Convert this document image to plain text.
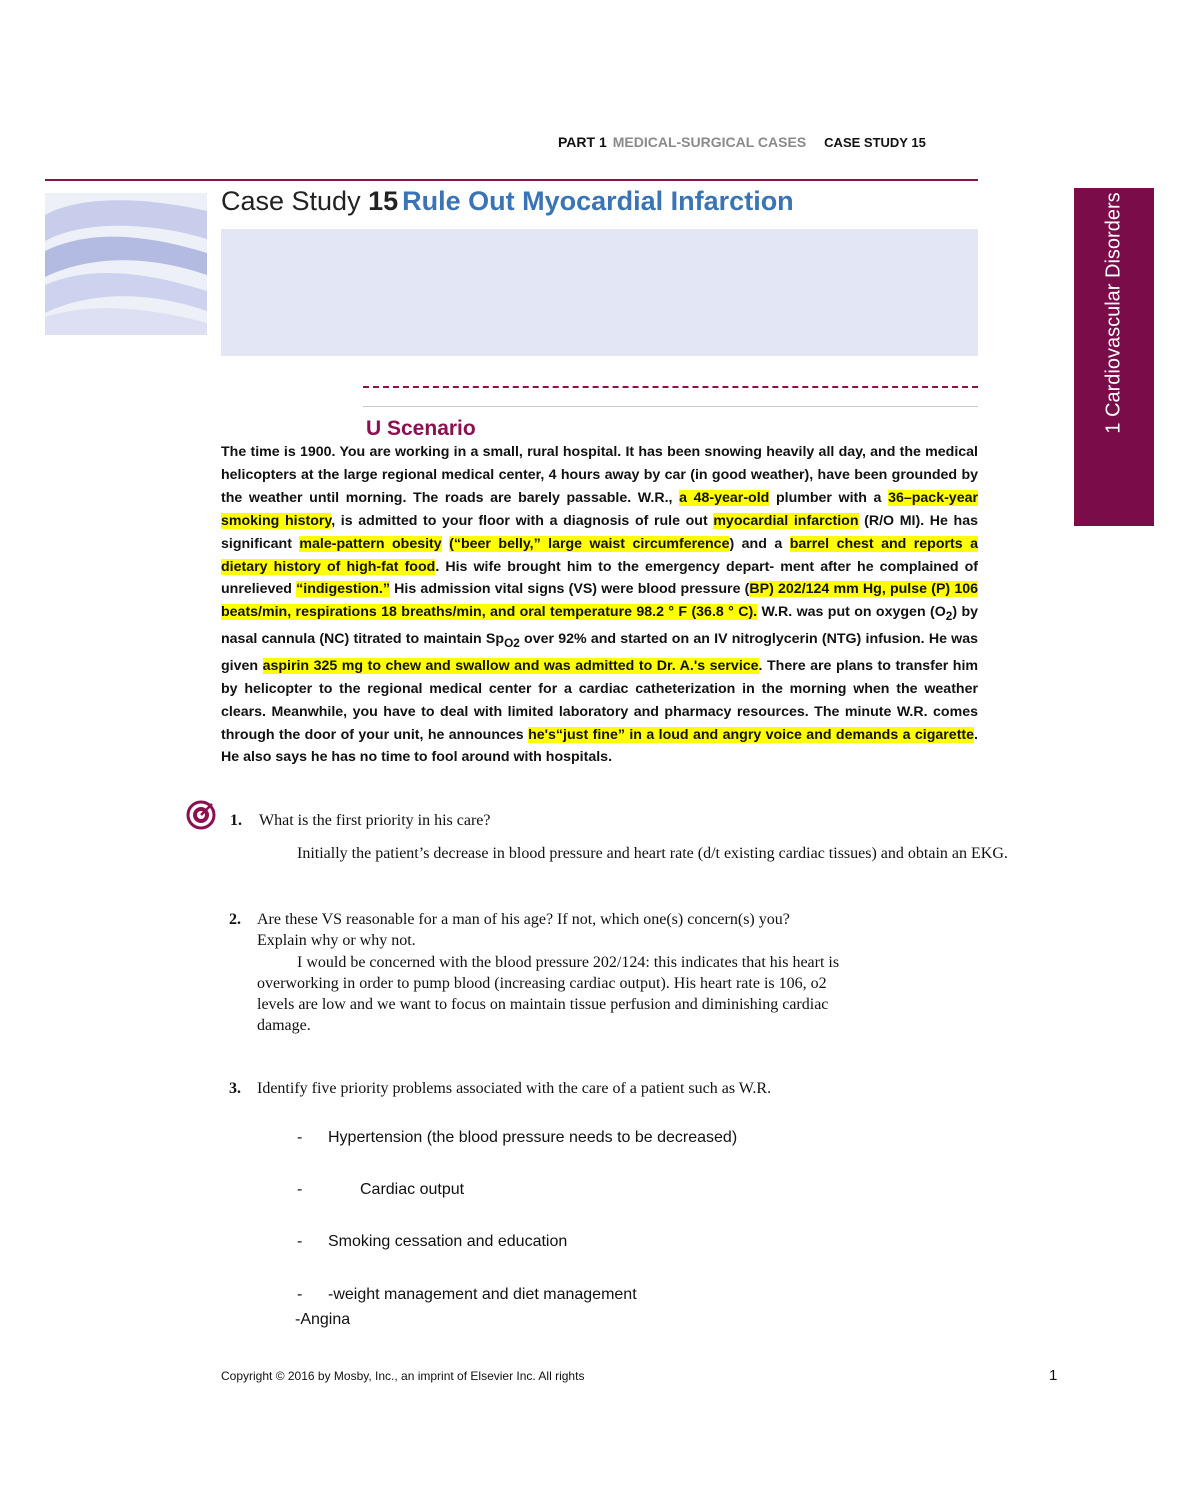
PART 1 MEDICAL-SURGICAL CASES CASE STUDY 15
Case Study 15 Rule Out Myocardial Infarction	1 Cardiovascular Disorders
U Scenario
The time is 1900. You are working in a small, rural hospital. It has been snowing heavily all day, and the medical helicopters at the large regional medical center, 4 hours away by car (in good weather), have been grounded by the weather until morning. The roads are barely passable. W.R., a 48-year-old plumber with a 36–pack-year smoking history, is admitted to your floor with a diagnosis of rule out myocardial infarction (R/O MI). He has significant male-pattern obesity (“beer belly,” large waist circumference) and a barrel chest and reports a dietary history of high-fat food. His wife brought him to the emergency depart- ment after he complained of unrelieved “indigestion.” His admission vital signs (VS) were blood pressure (BP) 202/124 mm Hg, pulse (P) 106 beats/min, respirations 18 breaths/min, and oral temperature 98.2 ° F (36.8 ° C). W.R. was put on oxygen $(O_2)$ by nasal cannula (NC) titrated to maintain $Sp_{O2}$ over 92% and started on an IV nitroglycerin (NTG) infusion. He was given aspirin 325 mg to chew and swallow and was admitted to Dr. A.'s service. There are plans to transfer him by helicopter to the regional medical center for a cardiac catheterization in the morning when the weather clears. Meanwhile, you have to deal with limited laboratory and pharmacy resources. The minute W.R. comes through the door of your unit, he announces he's“just fine” in a loud and angry voice and demands a cigarette. He also says he has no time to fool around with hospitals.
1. What is the first priority in his care?
Initially the patient’s decrease in blood pressure and heart rate (d/t existing cardiac tissues) and obtain an EKG.
2. Are these VS reasonable for a man of his age? If not, which one(s) concern(s) you?
Explain why or why not.
I would be concerned with the blood pressure 202/124: this indicates that his heart is
overworking in order to pump blood (increasing cardiac output). His heart rate is 106, o2
levels are low and we want to focus on maintain tissue perfusion and diminishing cardiac
damage.
3. Identify five priority problems associated with the care of a patient such as W.R.
- Hypertension (the blood pressure needs to be decreased)
-	Cardiac output
- Smoking cessation and education
- -weight management and diet management
-Angina
Copyright © 2016 by Mosby, Inc., an imprint of Elsevier Inc. All rights	1
